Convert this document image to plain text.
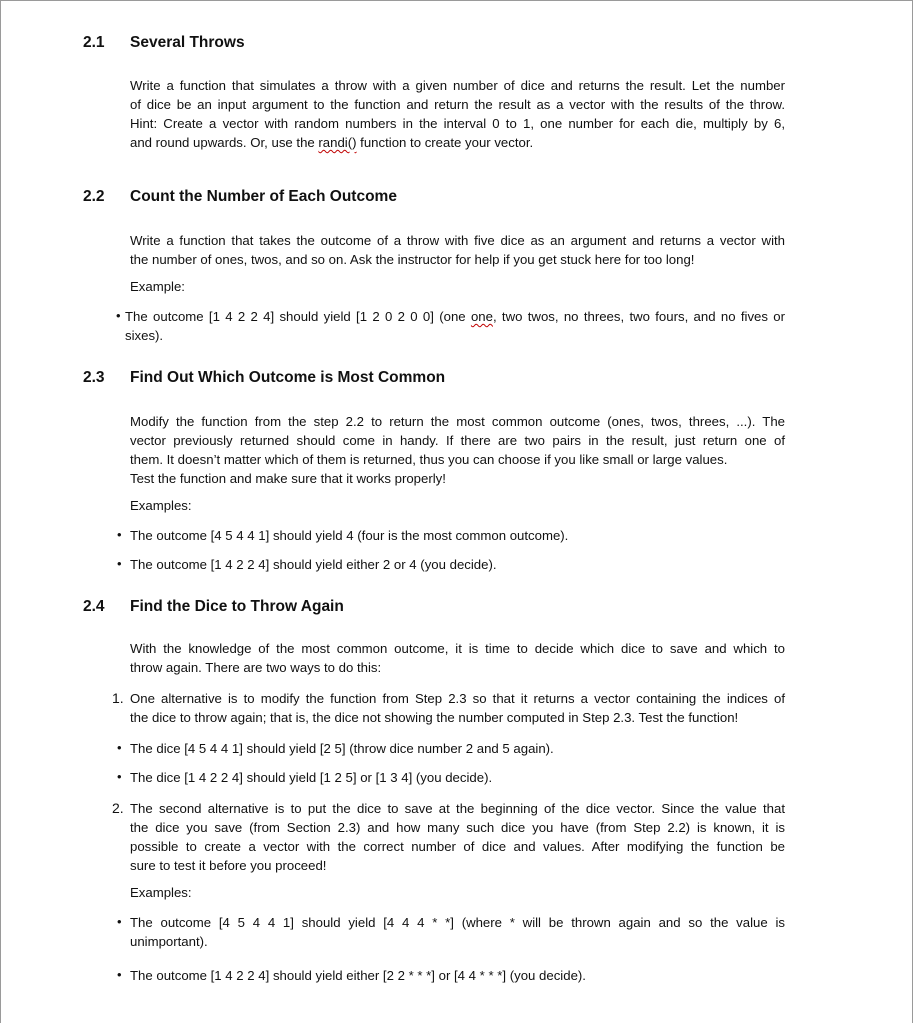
2.1 Several Throws
Write a function that simulates a throw with a given number of dice and returns the result. Let the number
of dice be an input argument to the function and return the result as a vector with the results of the throw.
Hint: Create a vector with random numbers in the interval 0 to 1, one number for each die, multiply by 6,
and round upwards. Or, use the randi() function to create your vector.
2.2 Count the Number of Each Outcome
Write a function that takes the outcome of a throw with five dice as an argument and returns a vector with
the number of ones, twos, and so on. Ask the instructor for help if you get stuck here for too long!
Example:
• The outcome [1 4 2 2 4] should yield [1 2 0 2 0 0] (one one, two twos, no threes, two fours, and no fives or
sixes).
2.3 Find Out Which Outcome is Most Common
Modify the function from the step 2.2 to return the most common outcome (ones, twos, threes, ...). The
vector previously returned should come in handy. If there are two pairs in the result, just return one of
them. It doesn’t matter which of them is returned, thus you can choose if you like small or large values.
Test the function and make sure that it works properly!
Examples:
• The outcome [4 5 4 4 1] should yield 4 (four is the most common outcome).
• The outcome [1 4 2 2 4] should yield either 2 or 4 (you decide).
2.4 Find the Dice to Throw Again
With the knowledge of the most common outcome, it is time to decide which dice to save and which to
throw again. There are two ways to do this:
1. One alternative is to modify the function from Step 2.3 so that it returns a vector containing the indices of
the dice to throw again; that is, the dice not showing the number computed in Step 2.3. Test the function!
• The dice [4 5 4 4 1] should yield [2 5] (throw dice number 2 and 5 again).
• The dice [1 4 2 2 4] should yield [1 2 5] or [1 3 4] (you decide).
2. The second alternative is to put the dice to save at the beginning of the dice vector. Since the value that
the dice you save (from Section 2.3) and how many such dice you have (from Step 2.2) is known, it is
possible to create a vector with the correct number of dice and values. After modifying the function be
sure to test it before you proceed!
Examples:
• The outcome [4 5 4 4 1] should yield [4 4 4 * *] (where * will be thrown again and so the value is
unimportant).
• The outcome [1 4 2 2 4] should yield either [2 2 * * *] or [4 4 * * *] (you decide).
